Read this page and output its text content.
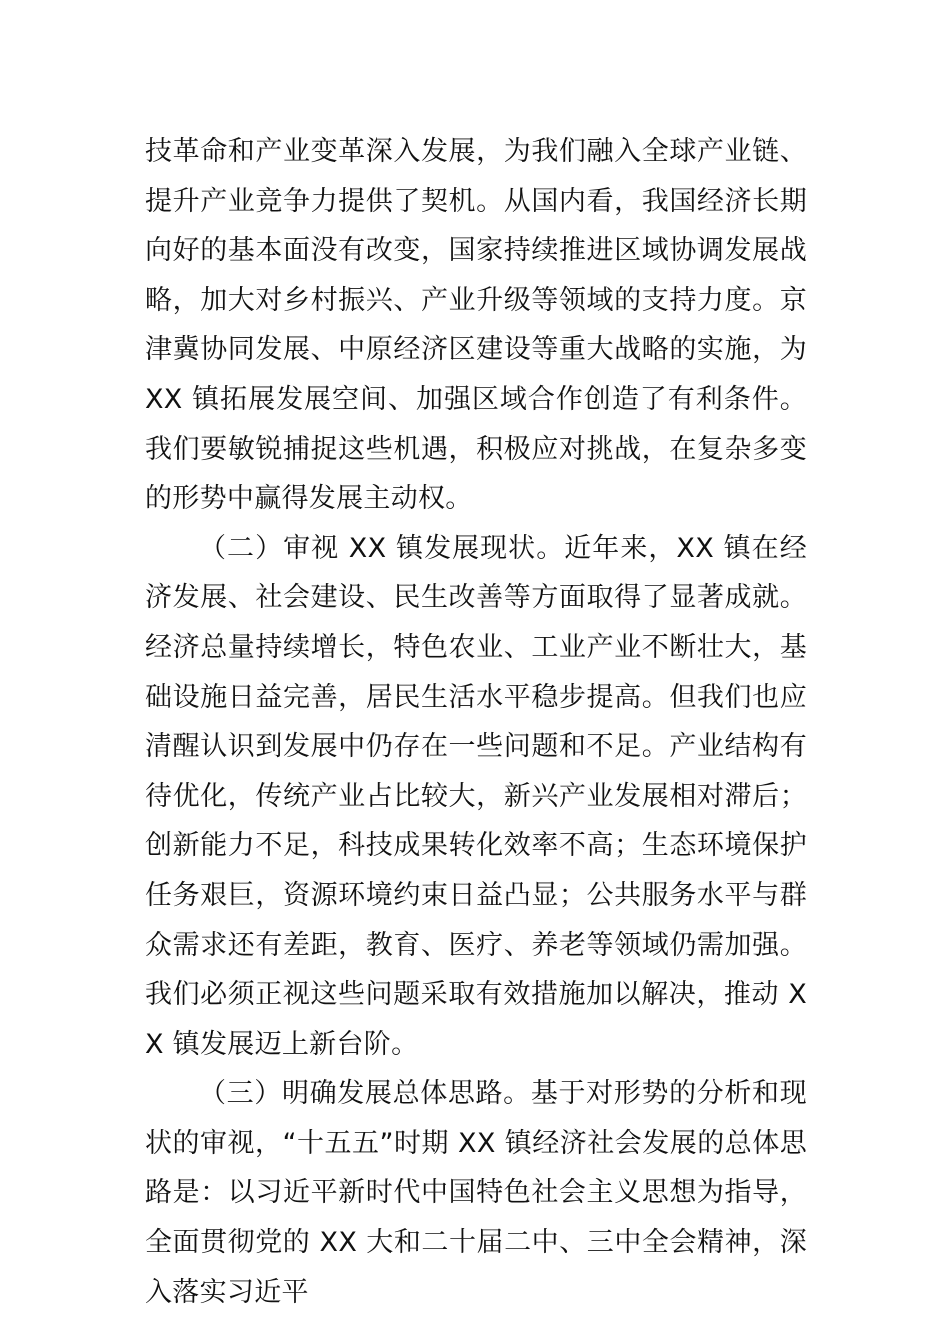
技革命和产业变革深入发展，为我们融入全球产业链、提升产业竞争力提供了契机。从国内看，我国经济长期向好的基本面没有改变，国家持续推进区域协调发展战略，加大对乡村振兴、产业升级等领域的支持力度。京津冀协同发展、中原经济区建设等重大战略的实施，为 XX 镇拓展发展空间、加强区域合作创造了有利条件。我们要敏锐捕捉这些机遇，积极应对挑战，在复杂多变的形势中赢得发展主动权。

（二）审视 XX 镇发展现状。近年来，XX 镇在经济发展、社会建设、民生改善等方面取得了显著成就。经济总量持续增长，特色农业、工业产业不断壮大，基础设施日益完善，居民生活水平稳步提高。但我们也应清醒认识到发展中仍存在一些问题和不足。产业结构有待优化，传统产业占比较大，新兴产业发展相对滞后；创新能力不足，科技成果转化效率不高；生态环境保护任务艰巨，资源环境约束日益凸显；公共服务水平与群众需求还有差距，教育、医疗、养老等领域仍需加强。我们必须正视这些问题采取有效措施加以解决，推动 XX 镇发展迈上新台阶。

（三）明确发展总体思路。基于对形势的分析和现状的审视，“十五五”时期 XX 镇经济社会发展的总体思路是：以习近平新时代中国特色社会主义思想为指导，全面贯彻党的 XX 大和二十届二中、三中全会精神，深入落实习近平
